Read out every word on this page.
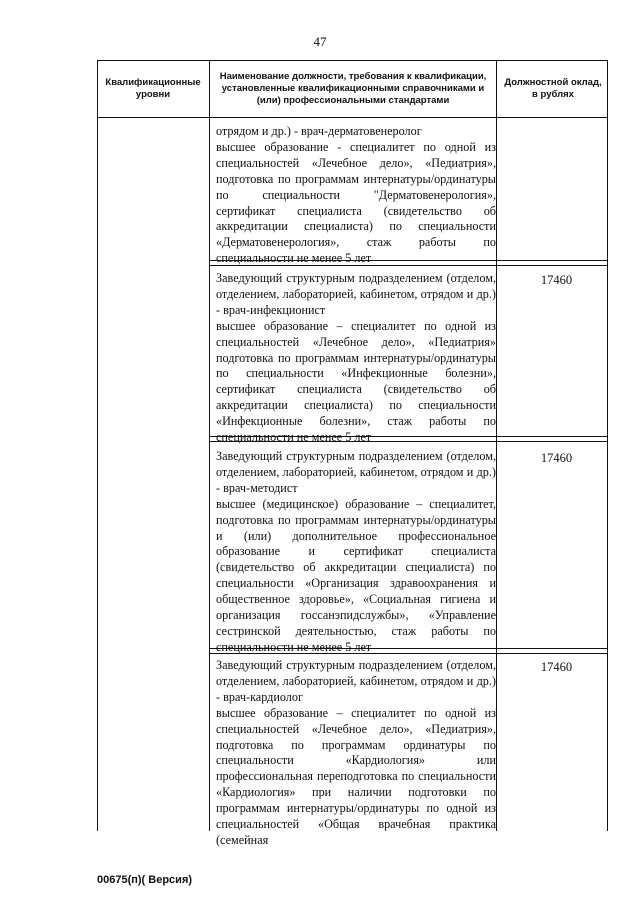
47
Квалификационные уровни
Наименование должности, требования к квалификации, установленные квалификационными справочниками и (или) профессиональными стандартами
Должностной оклад, в рублях
отрядом и др.) - врач-дерматовенеролог
высшее образование - специалитет по одной из специальностей «Лечебное дело», «Педиатрия», подготовка по программам интернатуры/ординатуры по специальности "Дерматовенерология», сертификат специалиста (свидетельство об аккредитации специалиста) по специальности «Дерматовенерология», стаж работы по специальности не менее 5 лет
Заведующий структурным подразделением (отделом, отделением, лабораторией, кабинетом, отрядом и др.) - врач-инфекционист
высшее образование – специалитет по одной из специальностей «Лечебное дело», «Педиатрия» подготовка по программам интернатуры/ординатуры по специальности «Инфекционные болезни», сертификат специалиста (свидетельство об аккредитации специалиста) по специальности «Инфекционные болезни», стаж работы по специальности не менее 5 лет
17460
Заведующий структурным подразделением (отделом, отделением, лабораторией, кабинетом, отрядом и др.) - врач-методист
высшее (медицинское) образование – специалитет, подготовка по программам интернатуры/ординатуры и (или) дополнительное профессиональное образование и сертификат специалиста (свидетельство об аккредитации специалиста) по специальности «Организация здравоохранения и общественное здоровье», «Социальная гигиена и организация госсанэпидслужбы», «Управление сестринской деятельностью, стаж работы по специальности не менее 5 лет
17460
Заведующий структурным подразделением (отделом, отделением, лабораторией, кабинетом, отрядом и др.) - врач-кардиолог
высшее образование – специалитет по одной из специальностей «Лечебное дело», «Педиатрия», подготовка по программам ординатуры по специальности «Кардиология» или профессиональная переподготовка по специальности «Кардиология» при наличии подготовки по программам интернатуры/ординатуры по одной из специальностей «Общая врачебная практика (семейная
17460
00675(п)( Версия)
